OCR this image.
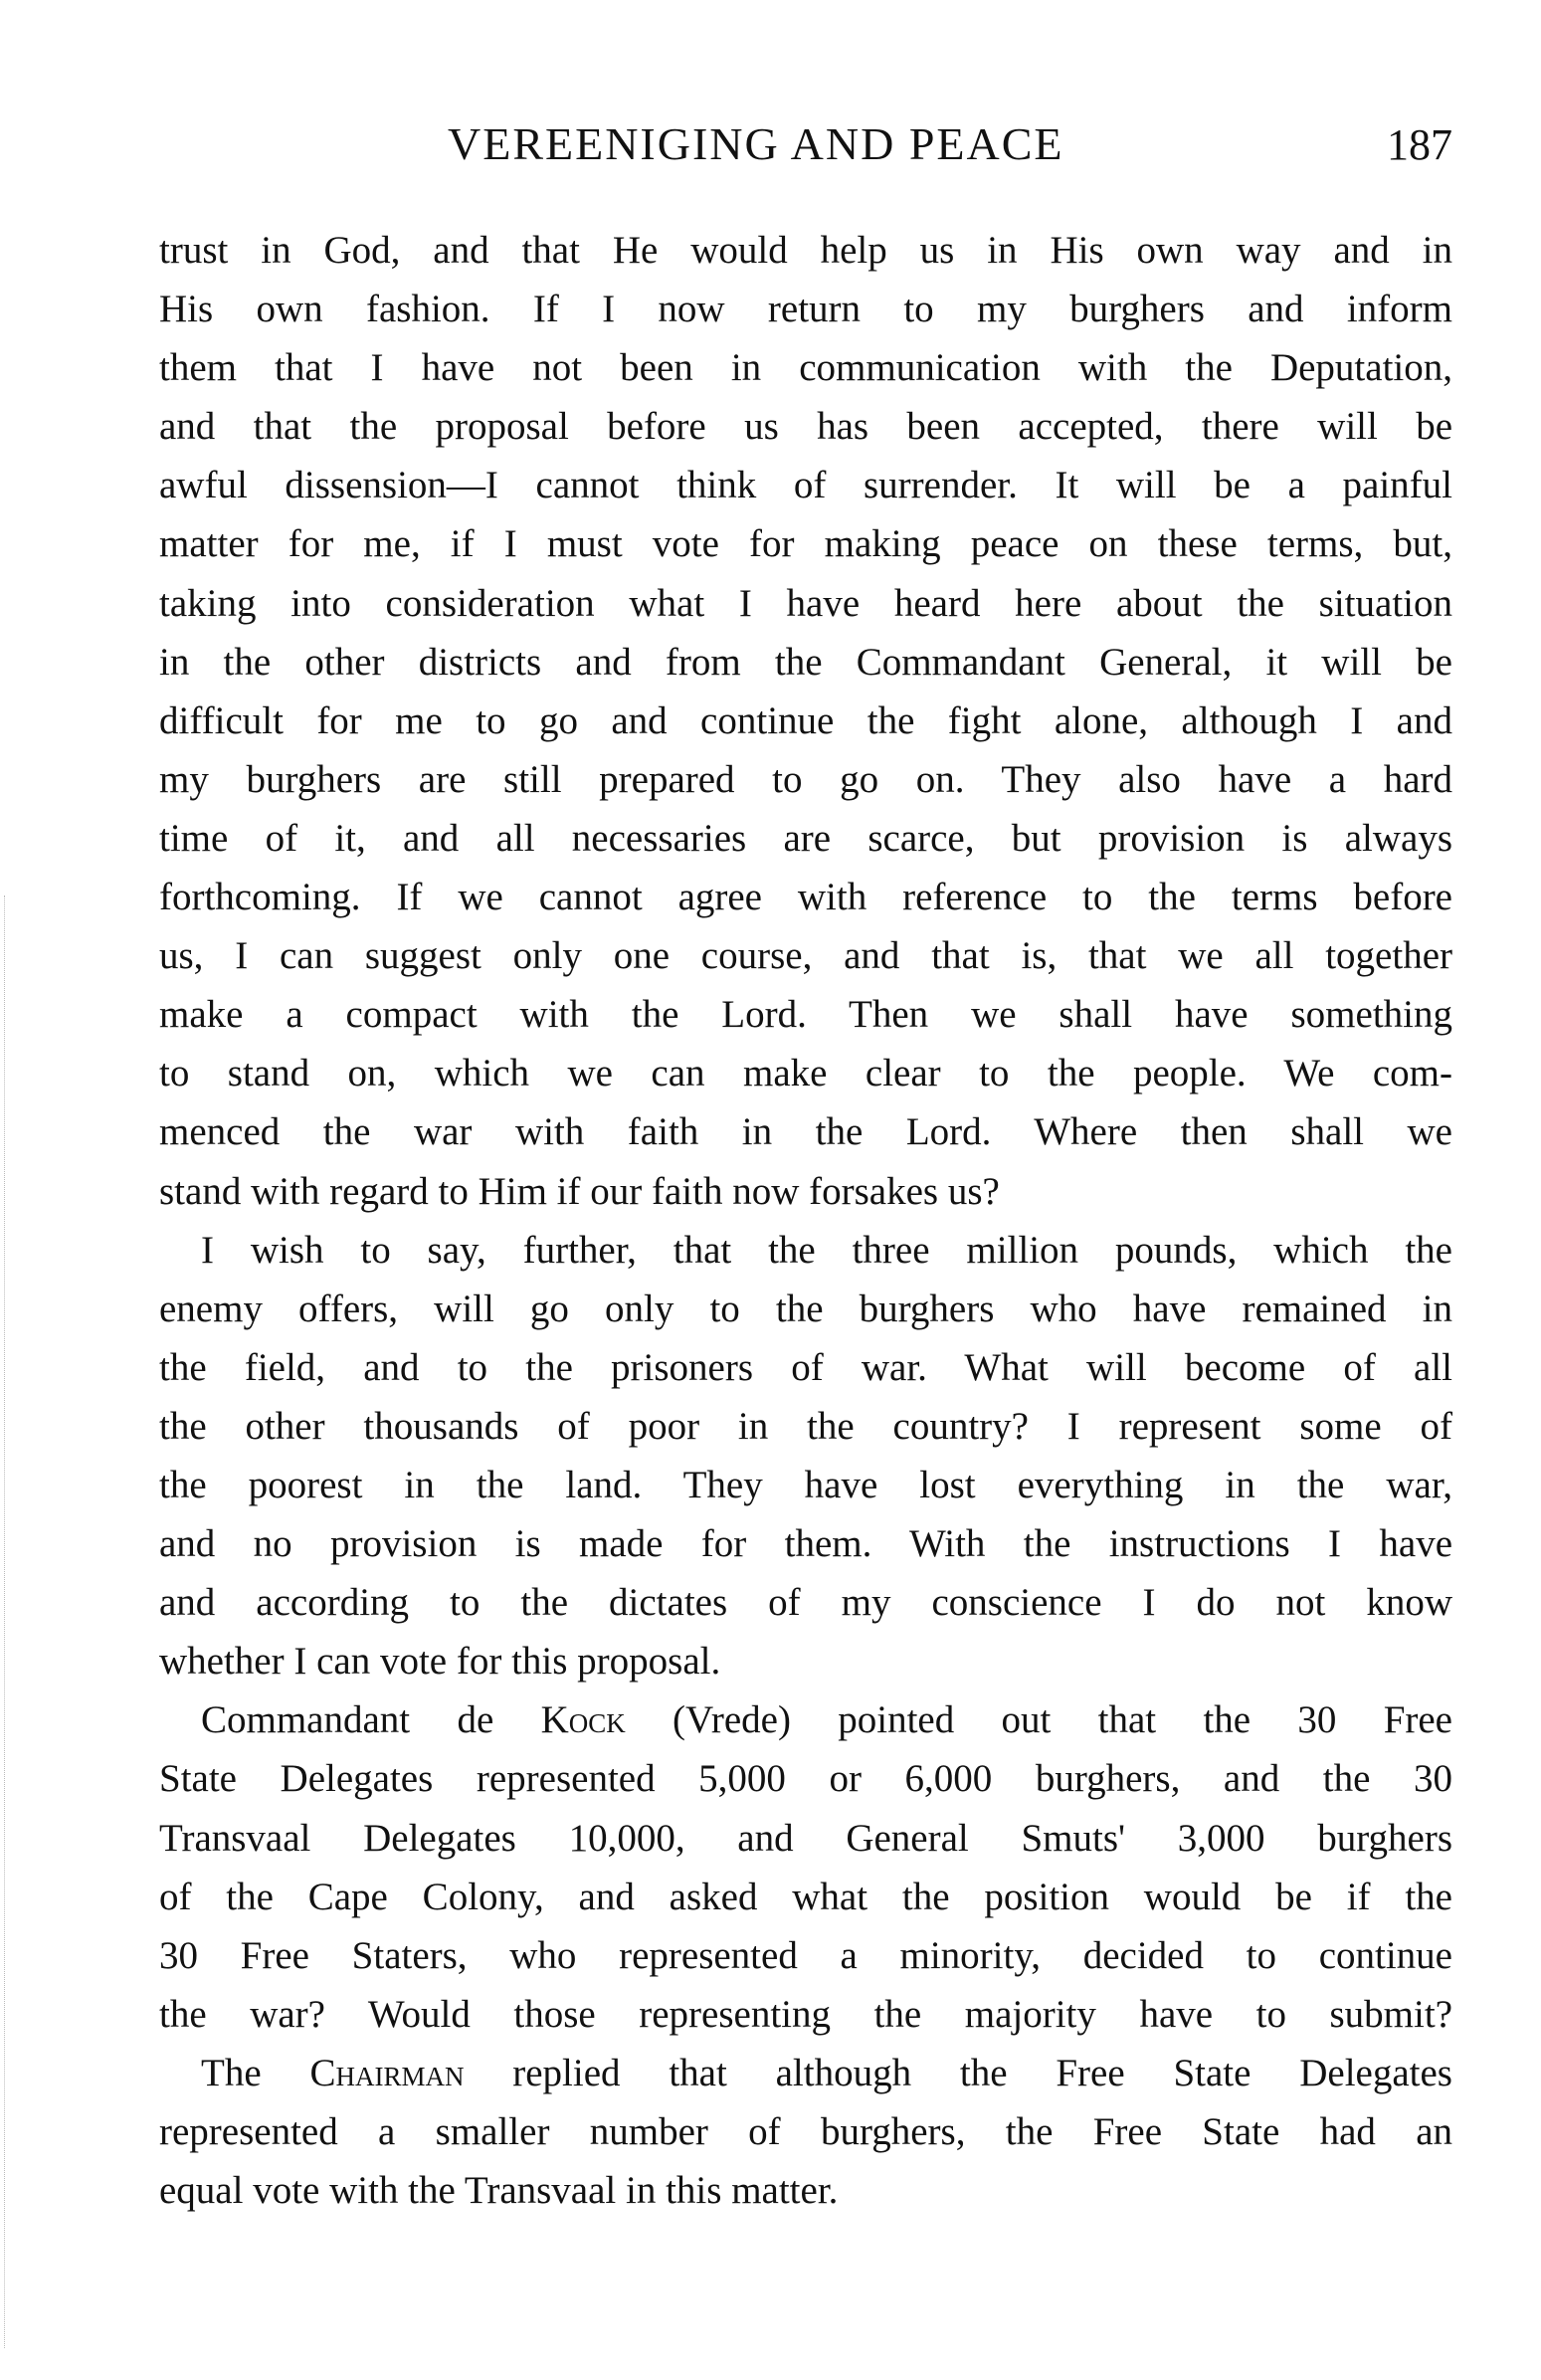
VEREENIGING AND PEACE	187
trust in God, and that He would help us in His own way and in
His own fashion. If I now return to my burghers and inform
them that I have not been in communication with the Deputation,
and that the proposal before us has been accepted, there will be
awful dissension—I cannot think of surrender. It will be a painful
matter for me, if I must vote for making peace on these terms, but,
taking into consideration what I have heard here about the situation
in the other districts and from the Commandant General, it will be
difficult for me to go and continue the fight alone, although I and
my burghers are still prepared to go on. They also have a hard
time of it, and all necessaries are scarce, but provision is always
forthcoming. If we cannot agree with reference to the terms before
us, I can suggest only one course, and that is, that we all together
make a compact with the Lord. Then we shall have something
to stand on, which we can make clear to the people. We com-
menced the war with faith in the Lord. Where then shall we
stand with regard to Him if our faith now forsakes us?
I wish to say, further, that the three million pounds, which the
enemy offers, will go only to the burghers who have remained in
the field, and to the prisoners of war. What will become of all
the other thousands of poor in the country? I represent some of
the poorest in the land. They have lost everything in the war,
and no provision is made for them. With the instructions I have
and according to the dictates of my conscience I do not know
whether I can vote for this proposal.
Commandant de Kock (Vrede) pointed out that the 30 Free
State Delegates represented 5,000 or 6,000 burghers, and the 30
Transvaal Delegates 10,000, and General Smuts' 3,000 burghers
of the Cape Colony, and asked what the position would be if the
30 Free Staters, who represented a minority, decided to continue
the war? Would those representing the majority have to submit?
The Chairman replied that although the Free State Delegates
represented a smaller number of burghers, the Free State had an
equal vote with the Transvaal in this matter.
